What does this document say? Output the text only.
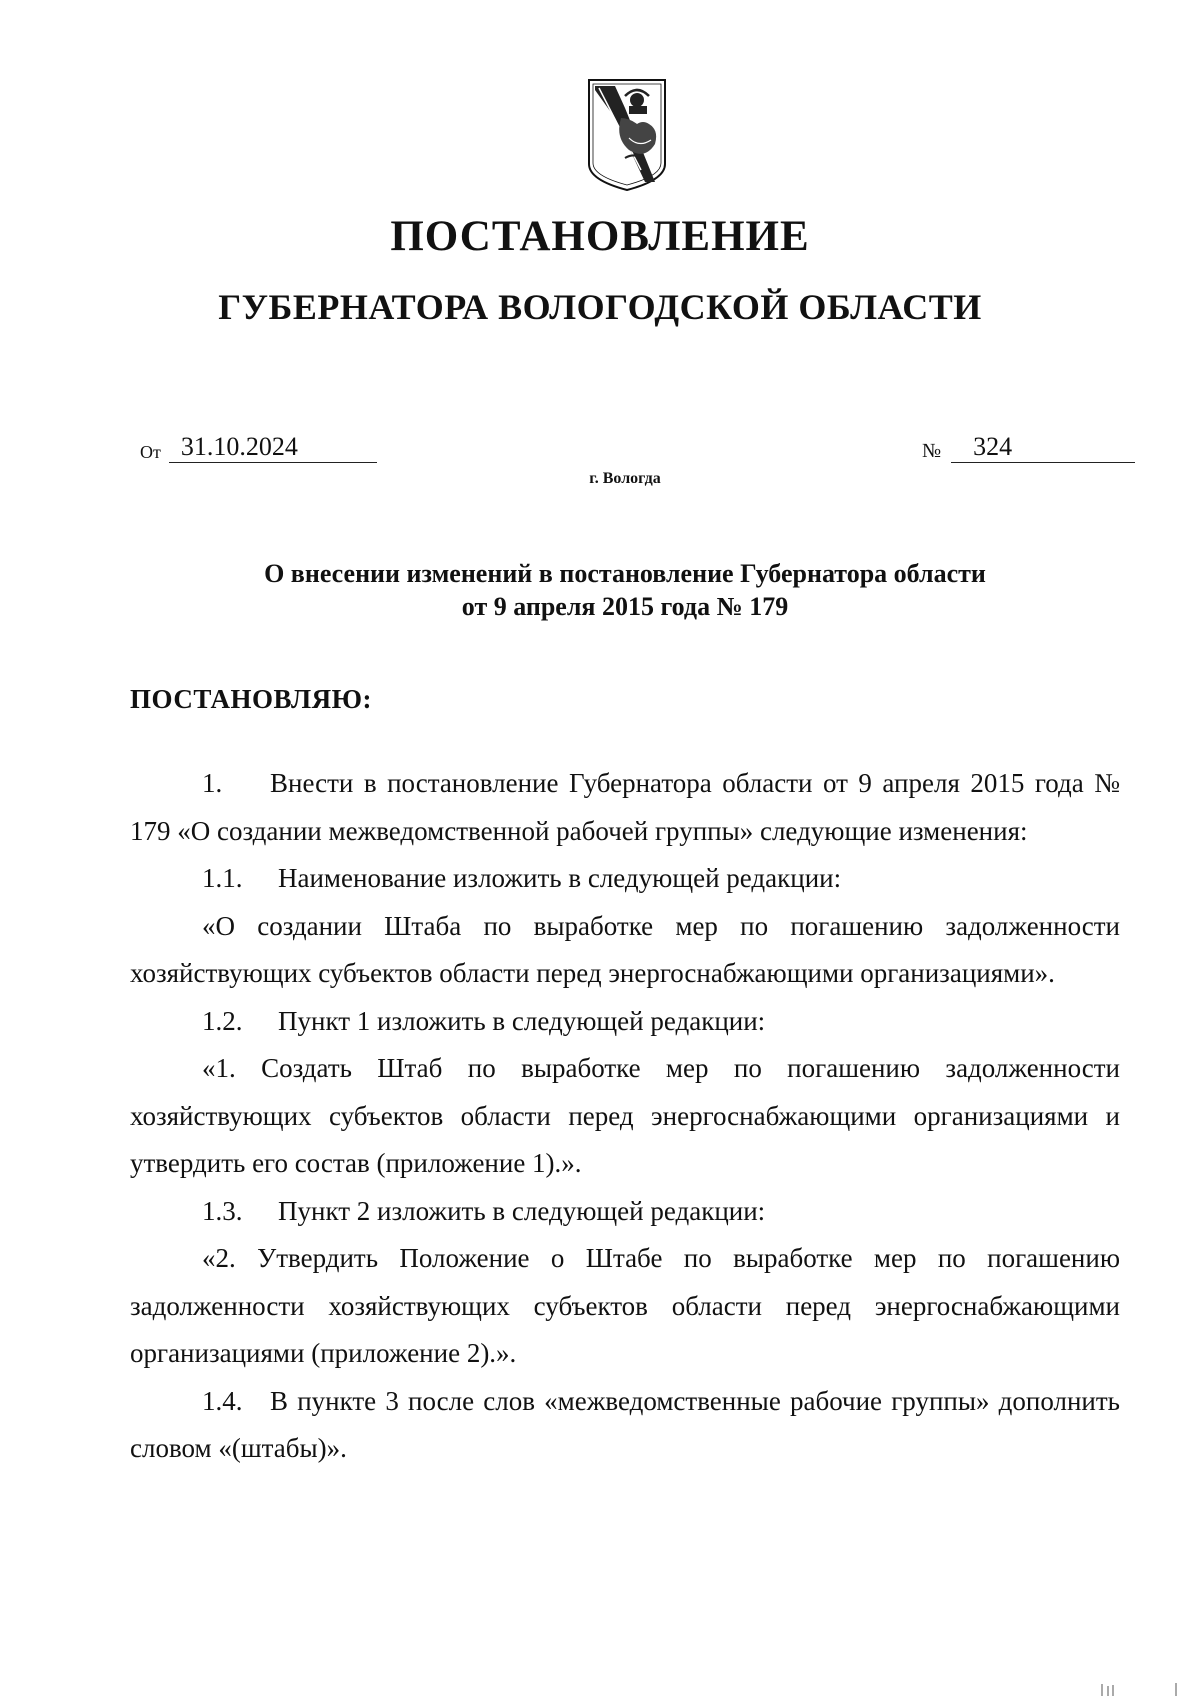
ПОСТАНОВЛЕНИЕ
ГУБЕРНАТОРА ВОЛОГОДСКОЙ ОБЛАСТИ
От 31.10.2024	№	324
г. Вологда
О внесении изменений в постановление Губернатора области
от 9 апреля 2015 года № 179
ПОСТАНОВЛЯЮ:

1. Внести в постановление Губернатора области от 9 апреля 2015 года № 179 «О создании межведомственной рабочей группы» следующие изменения:

1.1.	Наименование изложить в следующей редакции:

«О создании Штаба по выработке мер по погашению задолженности хозяйствующих субъектов области перед энергоснабжающими организациями».

1.2.	Пункт 1 изложить в следующей редакции:

«1. Создать Штаб по выработке мер по погашению задолженности хозяйствующих субъектов области перед энергоснабжающими организациями и утвердить его состав (приложение 1).».

1.3.	Пункт 2 изложить в следующей редакции:

«2. Утвердить Положение о Штабе по выработке мер по погашению задолженности хозяйствующих субъектов области перед энергоснабжающими организациями (приложение 2).».

1.4. В пункте 3 после слов «межведомственные рабочие группы» дополнить словом «(штабы)».
